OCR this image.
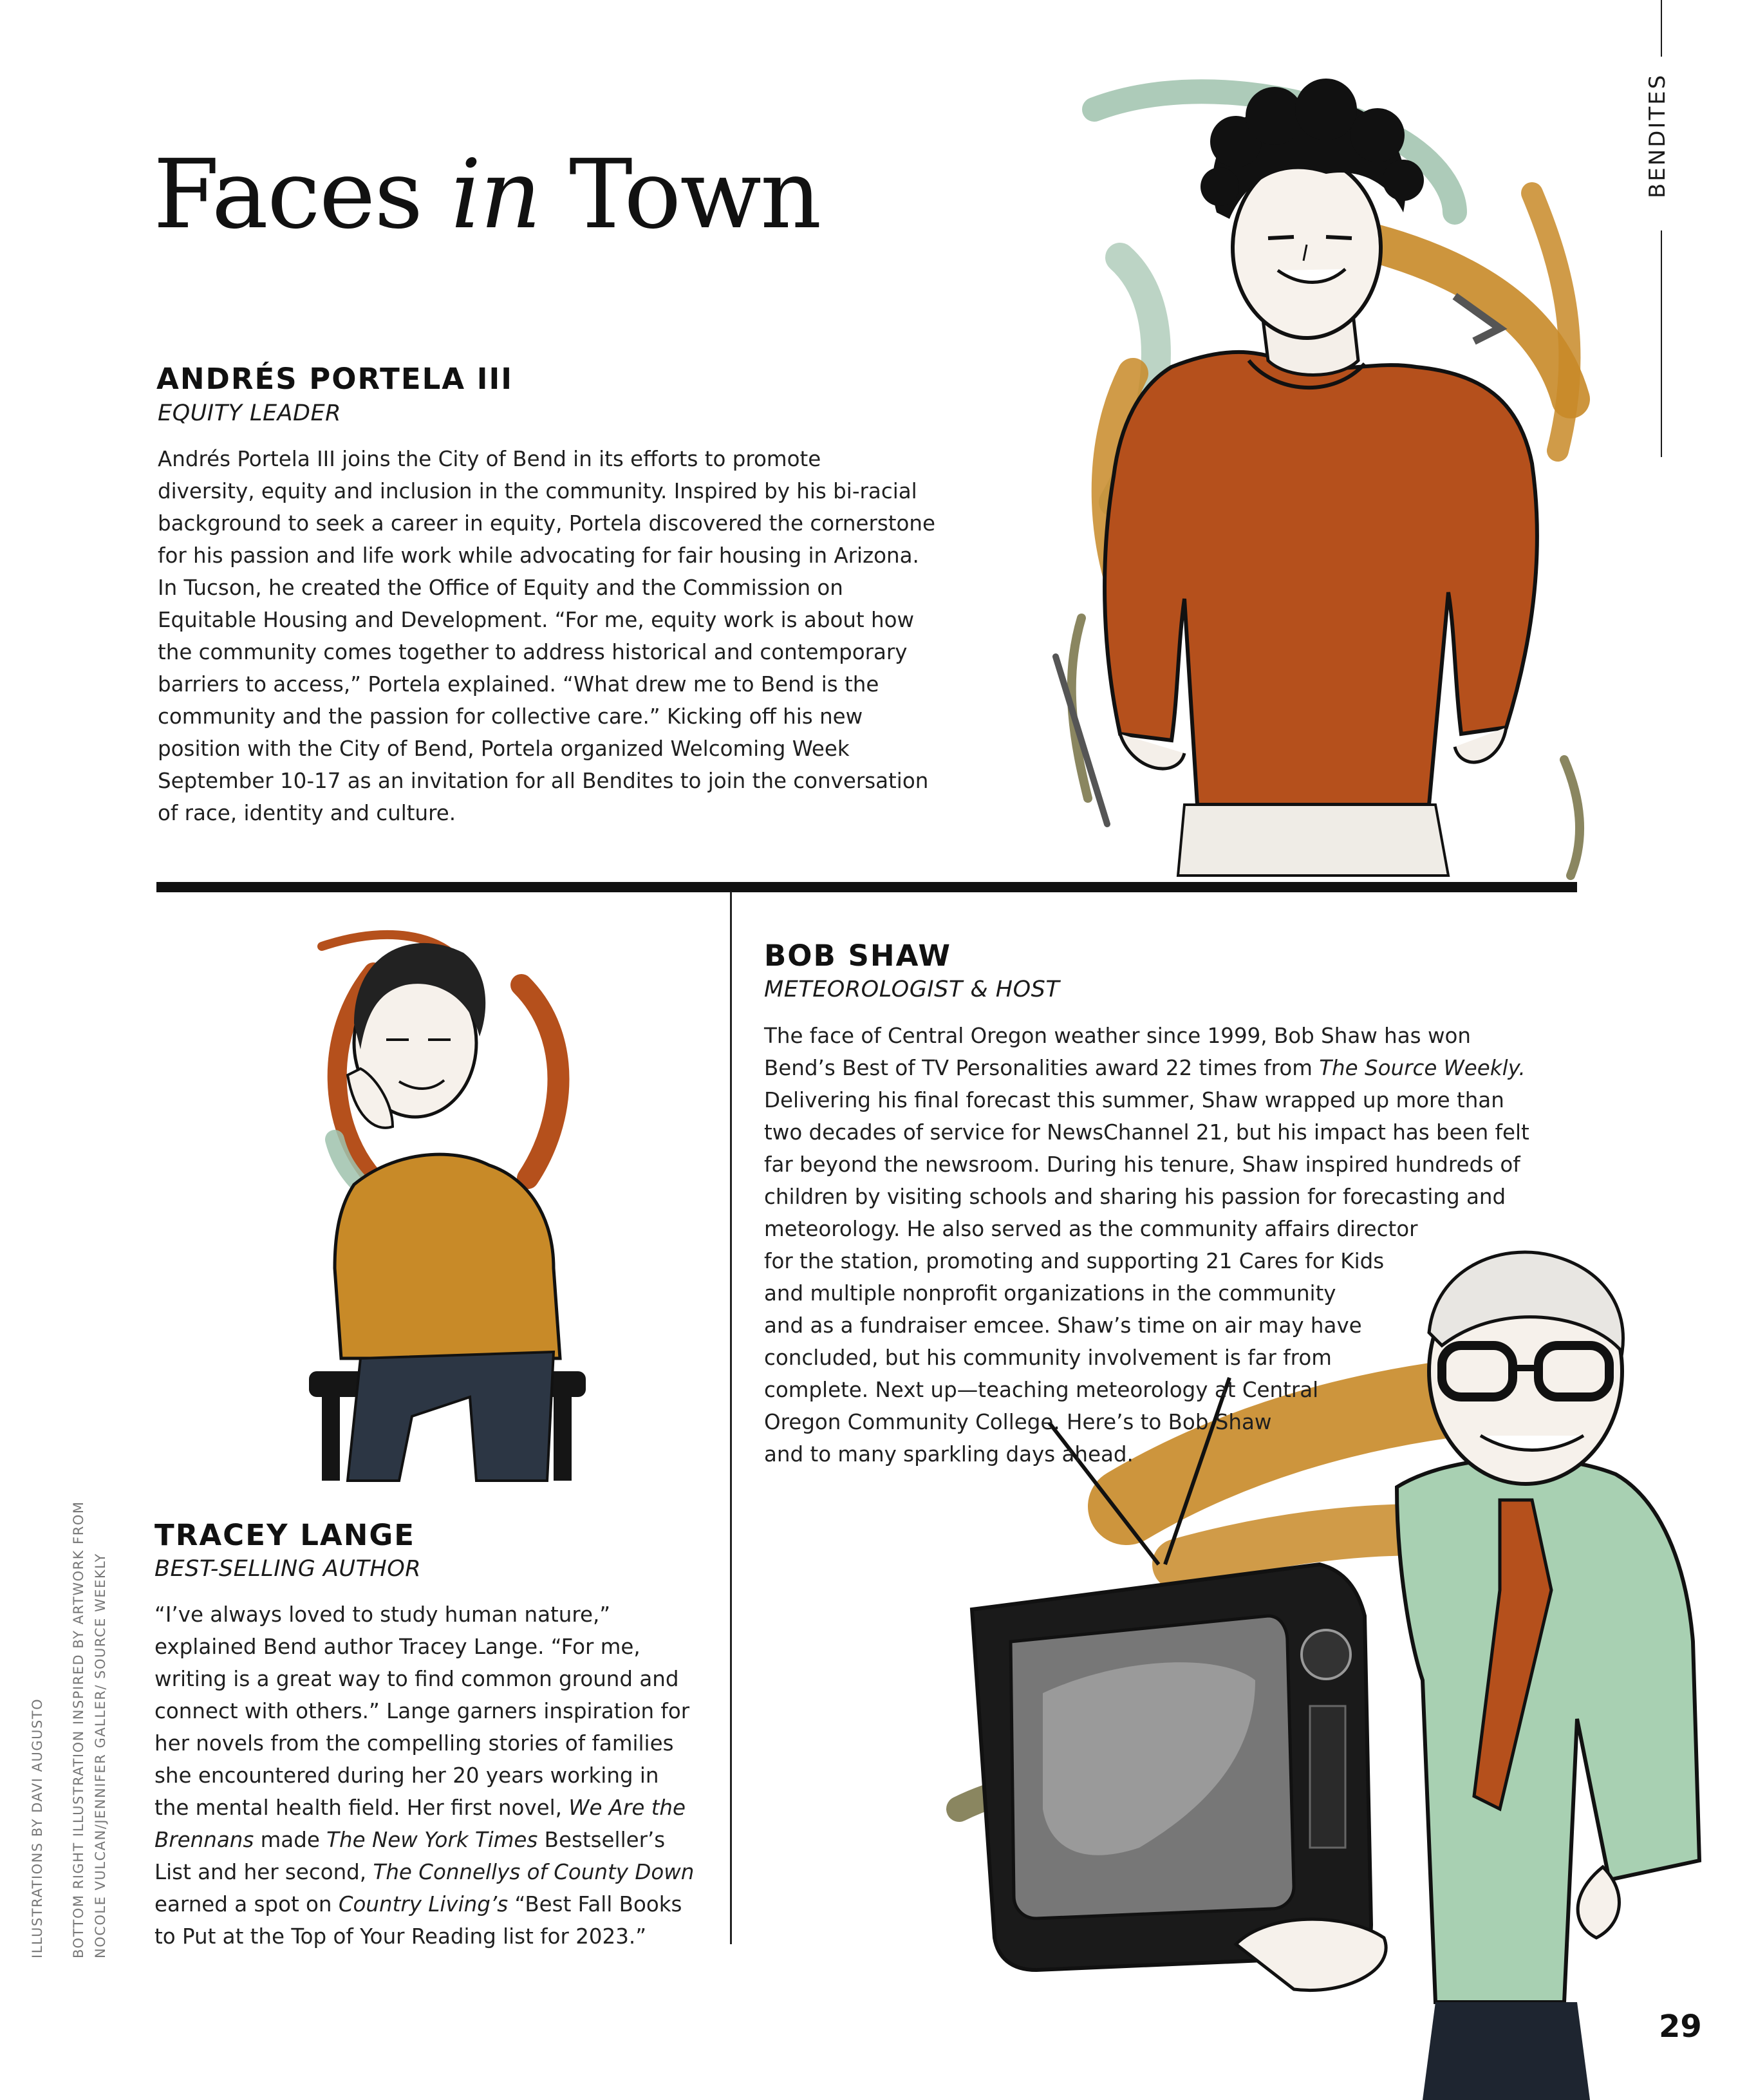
BENDITES
Faces in Town
ANDRÉS PORTELA III
EQUITY LEADER
Andrés Portela III joins the City of Bend in its efforts to promote
diversity, equity and inclusion in the community. Inspired by his bi-racial
background to seek a career in equity, Portela discovered the cornerstone
for his passion and life work while advocating for fair housing in Arizona.
In Tucson, he created the Office of Equity and the Commission on
Equitable Housing and Development. “For me, equity work is about how
the community comes together to address historical and contemporary
barriers to access,” Portela explained. “What drew me to Bend is the
community and the passion for collective care.” Kicking off his new
position with the City of Bend, Portela organized Welcoming Week
September 10-17 as an invitation for all Bendites to join the conversation
of race, identity and culture.
TRACEY LANGE
BEST-SELLING AUTHOR
“I’ve always loved to study human nature,”
explained Bend author Tracey Lange. “For me,
writing is a great way to find common ground and
connect with others.” Lange garners inspiration for
her novels from the compelling stories of families
she encountered during her 20 years working in
the mental health field. Her first novel, We Are the
Brennans made The New York Times Bestseller’s
List and her second, The Connellys of County Down
earned a spot on Country Living’s “Best Fall Books
to Put at the Top of Your Reading list for 2023.”
BOB SHAW
METEOROLOGIST & HOST
The face of Central Oregon weather since 1999, Bob Shaw has won
Bend’s Best of TV Personalities award 22 times from The Source Weekly.
Delivering his final forecast this summer, Shaw wrapped up more than
two decades of service for NewsChannel 21, but his impact has been felt
far beyond the newsroom. During his tenure, Shaw inspired hundreds of
children by visiting schools and sharing his passion for forecasting and
meteorology. He also served as the community affairs director
for the station, promoting and supporting 21 Cares for Kids
and multiple nonprofit organizations in the community
and as a fundraiser emcee. Shaw’s time on air may have
concluded, but his community involvement is far from
complete. Next up—teaching meteorology at Central
Oregon Community College. Here’s to Bob Shaw
and to many sparkling days ahead.
ILLUSTRATIONS BY DAVI AUGUSTO BOTTOM RIGHT ILLUSTRATION INSPIRED BY ARTWORK FROM NOCOLE VULCAN/JENNIFER GALLER/ SOURCE WEEKLY
29
